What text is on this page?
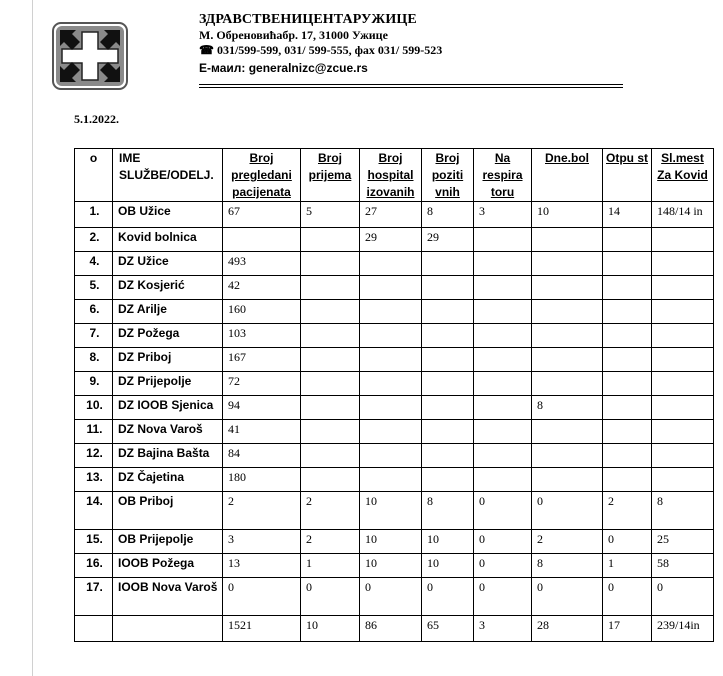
ЗДРАВСТВЕНИЦЕНТАРУЖИЦЕ
М. Обреновићабр. 17, 31000 Ужице
☎ 031/599-599, 031/ 599-555, фах 031/ 599-523
Е-маил: generalnizc@zcue.rs
5.1.2022.
o	IME SLUŽBE/ODELJ.	Broj pregledani pacijenata	Broj prijema	Broj hospital izovanih	Broj poziti vnih	Na respira toru	Dne.bol	Otpu st	Sl.mest Za Kovid
1.	OB Užice	67	5	27	8	3	10	14	148/14 in
2.	Kovid bolnica			29	29				
4.	DZ Užice	493							
5.	DZ Kosjerić	42							
6.	DZ Arilje	160							
7.	DZ Požega	103							
8.	DZ Priboj	167							
9.	DZ Prijepolje	72							
10.	DZ IOOB Sjenica	94					8		
11.	DZ Nova Varoš	41							
12.	DZ Bajina Bašta	84							
13.	DZ Čajetina	180							
14.	OB Priboj	2	2	10	8	0	0	2	8
15.	OB Prijepolje	3	2	10	10	0	2	0	25
16.	IOOB Požega	13	1	10	10	0	8	1	58
17.	IOOB Nova Varoš	0	0	0	0	0	0	0	0
		1521	10	86	65	3	28	17	239/14in
